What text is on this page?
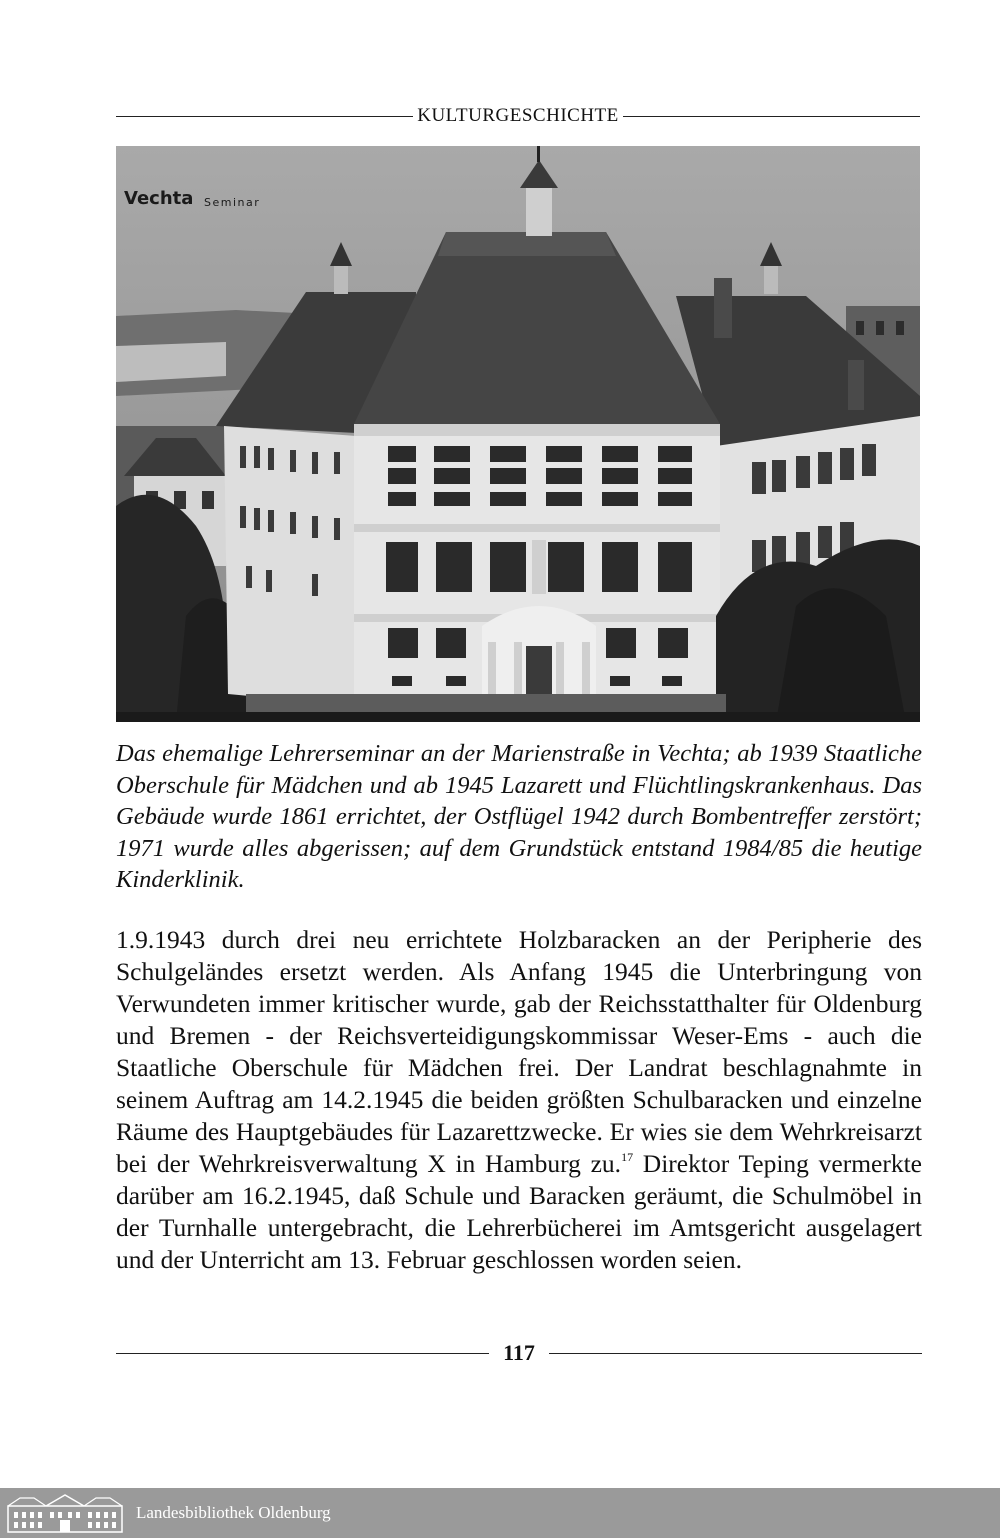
KULTURGESCHICHTE
Vechta Seminar

Das ehemalige Lehrerseminar an der Marienstraße in Vechta; ab 1939 Staatliche Oberschule für Mädchen und ab 1945 Lazarett und Flüchtlingskrankenhaus. Das Gebäude wurde 1861 errichtet, der Ostflügel 1942 durch Bombentreffer zerstört; 1971 wurde alles abgerissen; auf dem Grundstück entstand 1984/85 die heutige Kinderklinik.

1.9.1943 durch drei neu errichtete Holzbaracken an der Peripherie des Schulgeländes ersetzt werden. Als Anfang 1945 die Unterbringung von Verwundeten immer kritischer wurde, gab der Reichsstatthalter für Oldenburg und Bremen - der Reichsverteidigungskommissar Weser-Ems - auch die Staatliche Oberschule für Mädchen frei. Der Landrat beschlagnahmte in seinem Auftrag am 14.2.1945 die beiden größten Schulbaracken und einzelne Räume des Hauptgebäudes für Lazarettzwecke. Er wies sie dem Wehrkreisarzt bei der Wehrkreisverwaltung X in Hamburg zu.$^{17}$ Direktor Teping vermerkte darüber am 16.2.1945, daß Schule und Baracken geräumt, die Schulmöbel in der Turnhalle untergebracht, die Lehrerbücherei im Amtsgericht ausgelagert und der Unterricht am 13. Februar geschlossen worden seien.

117
Landesbibliothek Oldenburg
